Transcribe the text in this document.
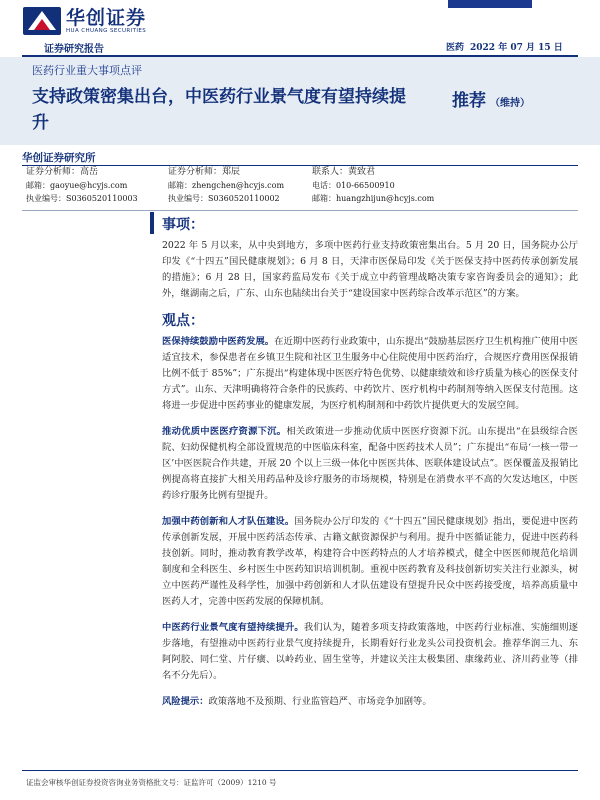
华创证券
HUA CHUANG SECURITIES
证券研究报告	医药 2022 年 07 月 15 日
医药行业重大事项点评
支持政策密集出台，中医药行业景气度有望持续提升
推荐 （维持）
华创证券研究所
证券分析师：高岳
邮箱：gaoyue@hcyjs.com
执业编号：S0360520110003
证券分析师：郑辰
邮箱：zhengchen@hcyjs.com
执业编号：S0360520110002
联系人：黄致君
电话：010-66500910
邮箱：huangzhijun@hcyjs.com
事项：
2022 年 5 月以来，从中央到地方，多项中医药行业支持政策密集出台。5 月 20 日，国务院办公厅印发《“十四五”国民健康规划》；6 月 8 日，天津市医保局印发《关于医保支持中医药传承创新发展的措施》；6 月 28 日，国家药监局发布《关于成立中药管理战略决策专家咨询委员会的通知》；此外，继湖南之后，广东、山东也陆续出台关于“建设国家中医药综合改革示范区”的方案。
观点：
医保持续鼓励中医药发展。在近期中医药行业政策中，山东提出“鼓励基层医疗卫生机构推广使用中医适宜技术，参保患者在乡镇卫生院和社区卫生服务中心住院使用中医药治疗，合规医疗费用医保报销比例不低于 85%”；广东提出“构建体现中医医疗特色优势、以健康绩效和诊疗质量为核心的医保支付方式”。山东、天津明确将符合条件的民族药、中药饮片、医疗机构中药制剂等纳入医保支付范围。这将进一步促进中医药事业的健康发展，为医疗机构制剂和中药饮片提供更大的发展空间。
推动优质中医医疗资源下沉。相关政策进一步推动优质中医医疗资源下沉。山东提出“在县级综合医院、妇幼保健机构全部设置规范的中医临床科室，配备中医药技术人员”；广东提出“布局‘一核一带一区’中医医院合作共建，开展 20 个以上三级一体化中医医共体、医联体建设试点”。医保覆盖及报销比例提高将直接扩大相关用药品种及诊疗服务的市场规模，特别是在消费水平不高的欠发达地区，中医药诊疗服务比例有望提升。
加强中药创新和人才队伍建设。国务院办公厅印发的《“十四五”国民健康规划》指出，要促进中医药传承创新发展，开展中医药活态传承、古籍文献资源保护与利用。提升中医循证能力，促进中医药科技创新。同时，推动教育教学改革，构建符合中医药特点的人才培养模式，健全中医医师规范化培训制度和全科医生、乡村医生中医药知识培训机制。重视中医药教育及科技创新切实关注行业源头，树立中医药严谨性及科学性，加强中药创新和人才队伍建设有望提升民众中医药接受度，培养高质量中医药人才，完善中医药发展的保障机制。
中医药行业景气度有望持续提升。我们认为，随着多项支持政策落地，中医药行业标准、实施细则逐步落地，有望推动中医药行业景气度持续提升，长期看好行业龙头公司投资机会。推荐华润三九、东阿阿胶、同仁堂、片仔癀、以岭药业、固生堂等，并建议关注太极集团、康缘药业、济川药业等（排名不分先后）。
风险提示：政策落地不及预期、行业监管趋严、市场竞争加剧等。
证监会审核华创证券投资咨询业务资格批文号：证监许可（2009）1210 号
